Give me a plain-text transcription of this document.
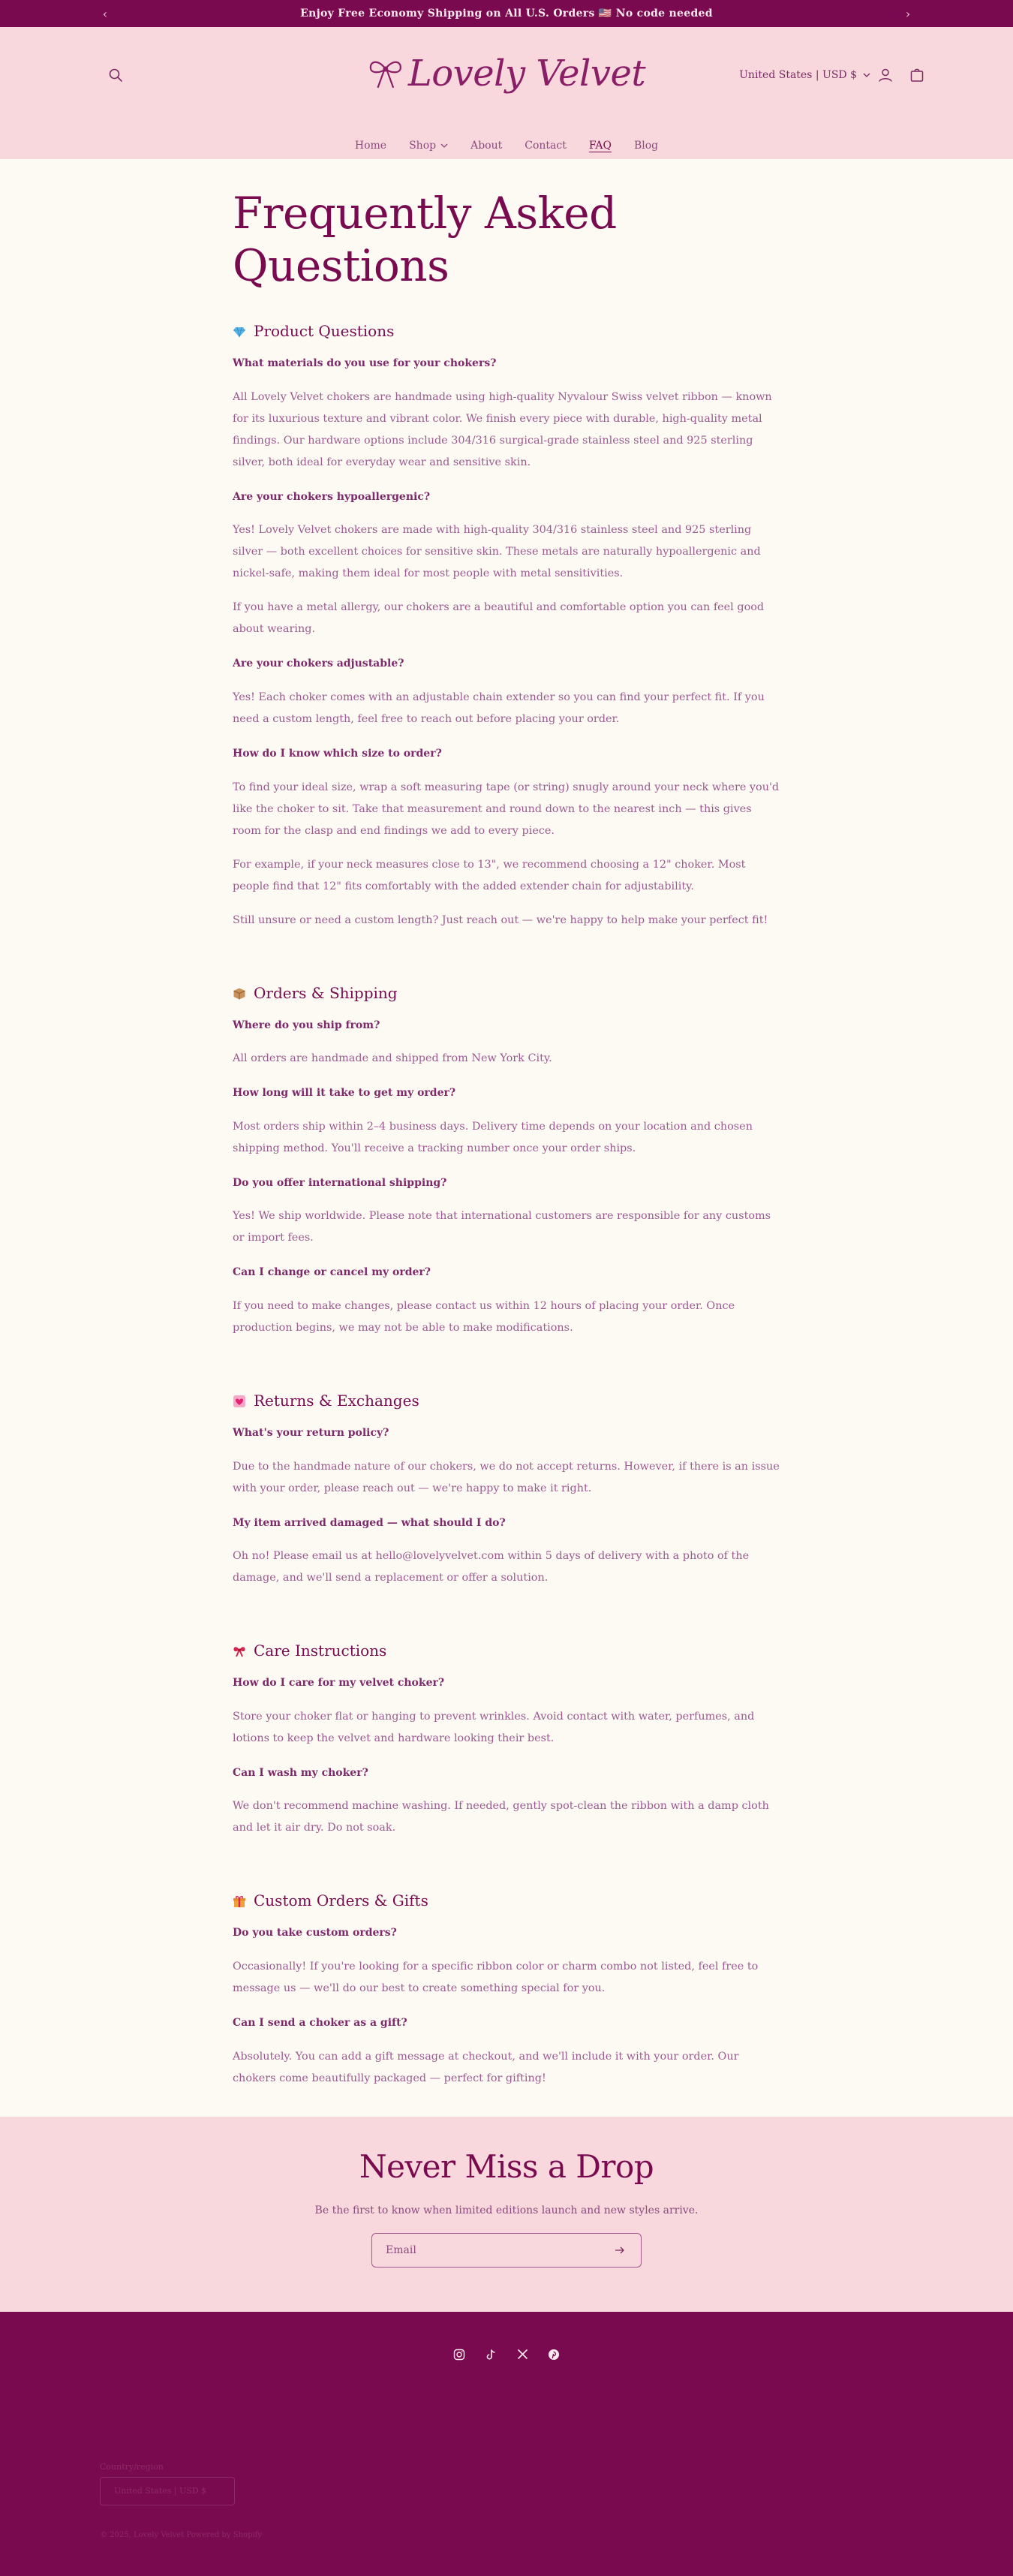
‹	Enjoy Free Economy Shipping on All U.S. Orders 🇺🇸 No code needed	›
Lovely Velvet	United States | USD $
Home Shop	About Contact FAQ Blog
Frequently Asked Questions
Product Questions
What materials do you use for your chokers?

All Lovely Velvet chokers are handmade using high-quality Nyvalour Swiss velvet ribbon — known for its luxurious texture and vibrant color. We finish every piece with durable, high-quality metal findings. Our hardware options include 304/316 surgical-grade stainless steel and 925 sterling silver, both ideal for everyday wear and sensitive skin.

Are your chokers hypoallergenic?

Yes! Lovely Velvet chokers are made with high-quality 304/316 stainless steel and 925 sterling silver — both excellent choices for sensitive skin. These metals are naturally hypoallergenic and nickel-safe, making them ideal for most people with metal sensitivities.

If you have a metal allergy, our chokers are a beautiful and comfortable option you can feel good about wearing.

Are your chokers adjustable?

Yes! Each choker comes with an adjustable chain extender so you can find your perfect fit. If you need a custom length, feel free to reach out before placing your order.

How do I know which size to order?

To find your ideal size, wrap a soft measuring tape (or string) snugly around your neck where you'd like the choker to sit. Take that measurement and round down to the nearest inch — this gives room for the clasp and end findings we add to every piece.

For example, if your neck measures close to 13", we recommend choosing a 12" choker. Most people find that 12" fits comfortably with the added extender chain for adjustability.

Still unsure or need a custom length? Just reach out — we're happy to help make your perfect fit!

Orders & Shipping
Where do you ship from?

All orders are handmade and shipped from New York City.

How long will it take to get my order?

Most orders ship within 2–4 business days. Delivery time depends on your location and chosen shipping method. You'll receive a tracking number once your order ships.

Do you offer international shipping?

Yes! We ship worldwide. Please note that international customers are responsible for any customs or import fees.

Can I change or cancel my order?

If you need to make changes, please contact us within 12 hours of placing your order. Once production begins, we may not be able to make modifications.

Returns & Exchanges
What's your return policy?

Due to the handmade nature of our chokers, we do not accept returns. However, if there is an issue with your order, please reach out — we're happy to make it right.

My item arrived damaged — what should I do?

Oh no! Please email us at hello@lovelyvelvet.com within 5 days of delivery with a photo of the damage, and we'll send a replacement or offer a solution.

Care Instructions
How do I care for my velvet choker?

Store your choker flat or hanging to prevent wrinkles. Avoid contact with water, perfumes, and lotions to keep the velvet and hardware looking their best.

Can I wash my choker?

We don't recommend machine washing. If needed, gently spot-clean the ribbon with a damp cloth and let it air dry. Do not soak.

Custom Orders & Gifts
Do you take custom orders?

Occasionally! If you're looking for a specific ribbon color or charm combo not listed, feel free to message us — we'll do our best to create something special for you.

Can I send a choker as a gift?

Absolutely. You can add a gift message at checkout, and we'll include it with your order. Our chokers come beautifully packaged — perfect for gifting!

Never Miss a Drop

Be the first to know when limited editions launch and new styles arrive.

Email
Country/region
United States | USD $
© 2025, Lovely Velvet Powered by Shopify
